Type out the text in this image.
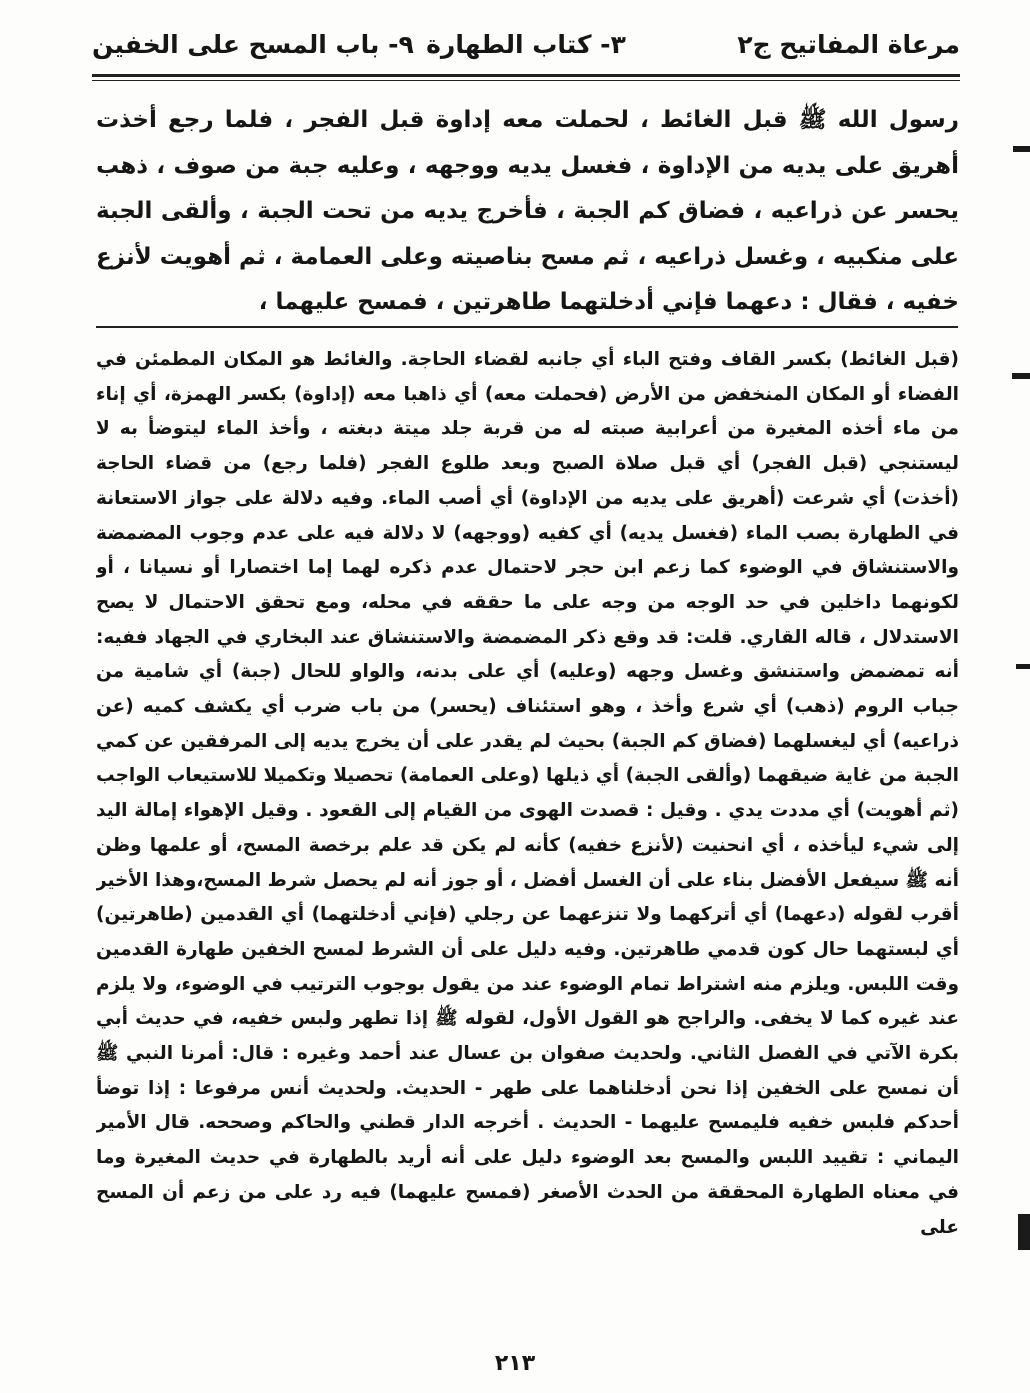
مرعاة المفاتيح ج٢
٣- كتاب الطهارة
٩- باب المسح على الخفين

رسول الله ﷺ قبل الغائط ، لحملت معه إداوة قبل الفجر ، فلما رجع أخذت أهريق على يديه من الإداوة ، فغسل يديه ووجهه ، وعليه جبة من صوف ، ذهب يحسر عن ذراعيه ، فضاق كم الجبة ، فأخرج يديه من تحت الجبة ، وألقى الجبة على منكبيه ، وغسل ذراعيه ، ثم مسح بناصيته وعلى العمامة ، ثم أهويت لأنزع خفيه ، فقال : دعهما فإني أدخلتهما طاهرتين ، فمسح عليهما ،

(قبل الغائط) بكسر القاف وفتح الباء أي جانبه لقضاء الحاجة. والغائط هو المكان المطمئن في الفضاء أو المكان المنخفض من الأرض (فحملت معه) أي ذاهبا معه (إداوة) بكسر الهمزة، أي إناء من ماء أخذه المغيرة من أعرابية صبته له من قربة جلد ميتة دبغته ، وأخذ الماء ليتوضأ به لا ليستنجي (قبل الفجر) أي قبل صلاة الصبح وبعد طلوع الفجر (فلما رجع) من قضاء الحاجة (أخذت) أي شرعت (أهريق على يديه من الإداوة) أي أصب الماء. وفيه دلالة على جواز الاستعانة في الطهارة بصب الماء (فغسل يديه) أي كفيه (ووجهه) لا دلالة فيه على عدم وجوب المضمضة والاستنشاق في الوضوء كما زعم ابن حجر لاحتمال عدم ذكره لهما إما اختصارا أو نسيانا ، أو لكونهما داخلين في حد الوجه من وجه على ما حققه في محله، ومع تحقق الاحتمال لا يصح الاستدلال ، قاله القاري. قلت: قد وقع ذكر المضمضة والاستنشاق عند البخاري في الجهاد ففيه: أنه تمضمض واستنشق وغسل وجهه (وعليه) أي على بدنه، والواو للحال (جبة) أي شامية من جباب الروم (ذهب) أي شرع وأخذ ، وهو استئناف (يحسر) من باب ضرب أي يكشف كميه (عن ذراعيه) أي ليغسلهما (فضاق كم الجبة) بحيث لم يقدر على أن يخرج يديه إلى المرفقين عن كمي الجبة من غاية ضيقهما (وألقى الجبة) أي ذيلها (وعلى العمامة) تحصيلا وتكميلا للاستيعاب الواجب (ثم أهويت) أي مددت يدي . وقيل : قصدت الهوى من القيام إلى القعود . وقيل الإهواء إمالة اليد إلى شيء ليأخذه ، أي انحنيت (لأنزع خفيه) كأنه لم يكن قد علم برخصة المسح، أو علمها وظن أنه ﷺ سيفعل الأفضل بناء على أن الغسل أفضل ، أو جوز أنه لم يحصل شرط المسح،وهذا الأخير أقرب لقوله (دعهما) أي أتركهما ولا تنزعهما عن رجلي (فإني أدخلتهما) أي القدمين (طاهرتين) أي لبستهما حال كون قدمي طاهرتين. وفيه دليل على أن الشرط لمسح الخفين طهارة القدمين وقت اللبس. ويلزم منه اشتراط تمام الوضوء عند من يقول بوجوب الترتيب في الوضوء، ولا يلزم عند غيره كما لا يخفى. والراجح هو القول الأول، لقوله ﷺ إذا تطهر ولبس خفيه، في حديث أبي بكرة الآتي في الفصل الثاني. ولحديث صفوان بن عسال عند أحمد وغيره : قال: أمرنا النبي ﷺ أن نمسح على الخفين إذا نحن أدخلناهما على طهر - الحديث. ولحديث أنس مرفوعا : إذا توضأ أحدكم فلبس خفيه فليمسح عليهما - الحديث . أخرجه الدار قطني والحاكم وصححه. قال الأمير اليماني : تقييد اللبس والمسح بعد الوضوء دليل على أنه أريد بالطهارة في حديث المغيرة وما في معناه الطهارة المحققة من الحدث الأصغر (فمسح عليهما) فيه رد على من زعم أن المسح على

٢١٣
